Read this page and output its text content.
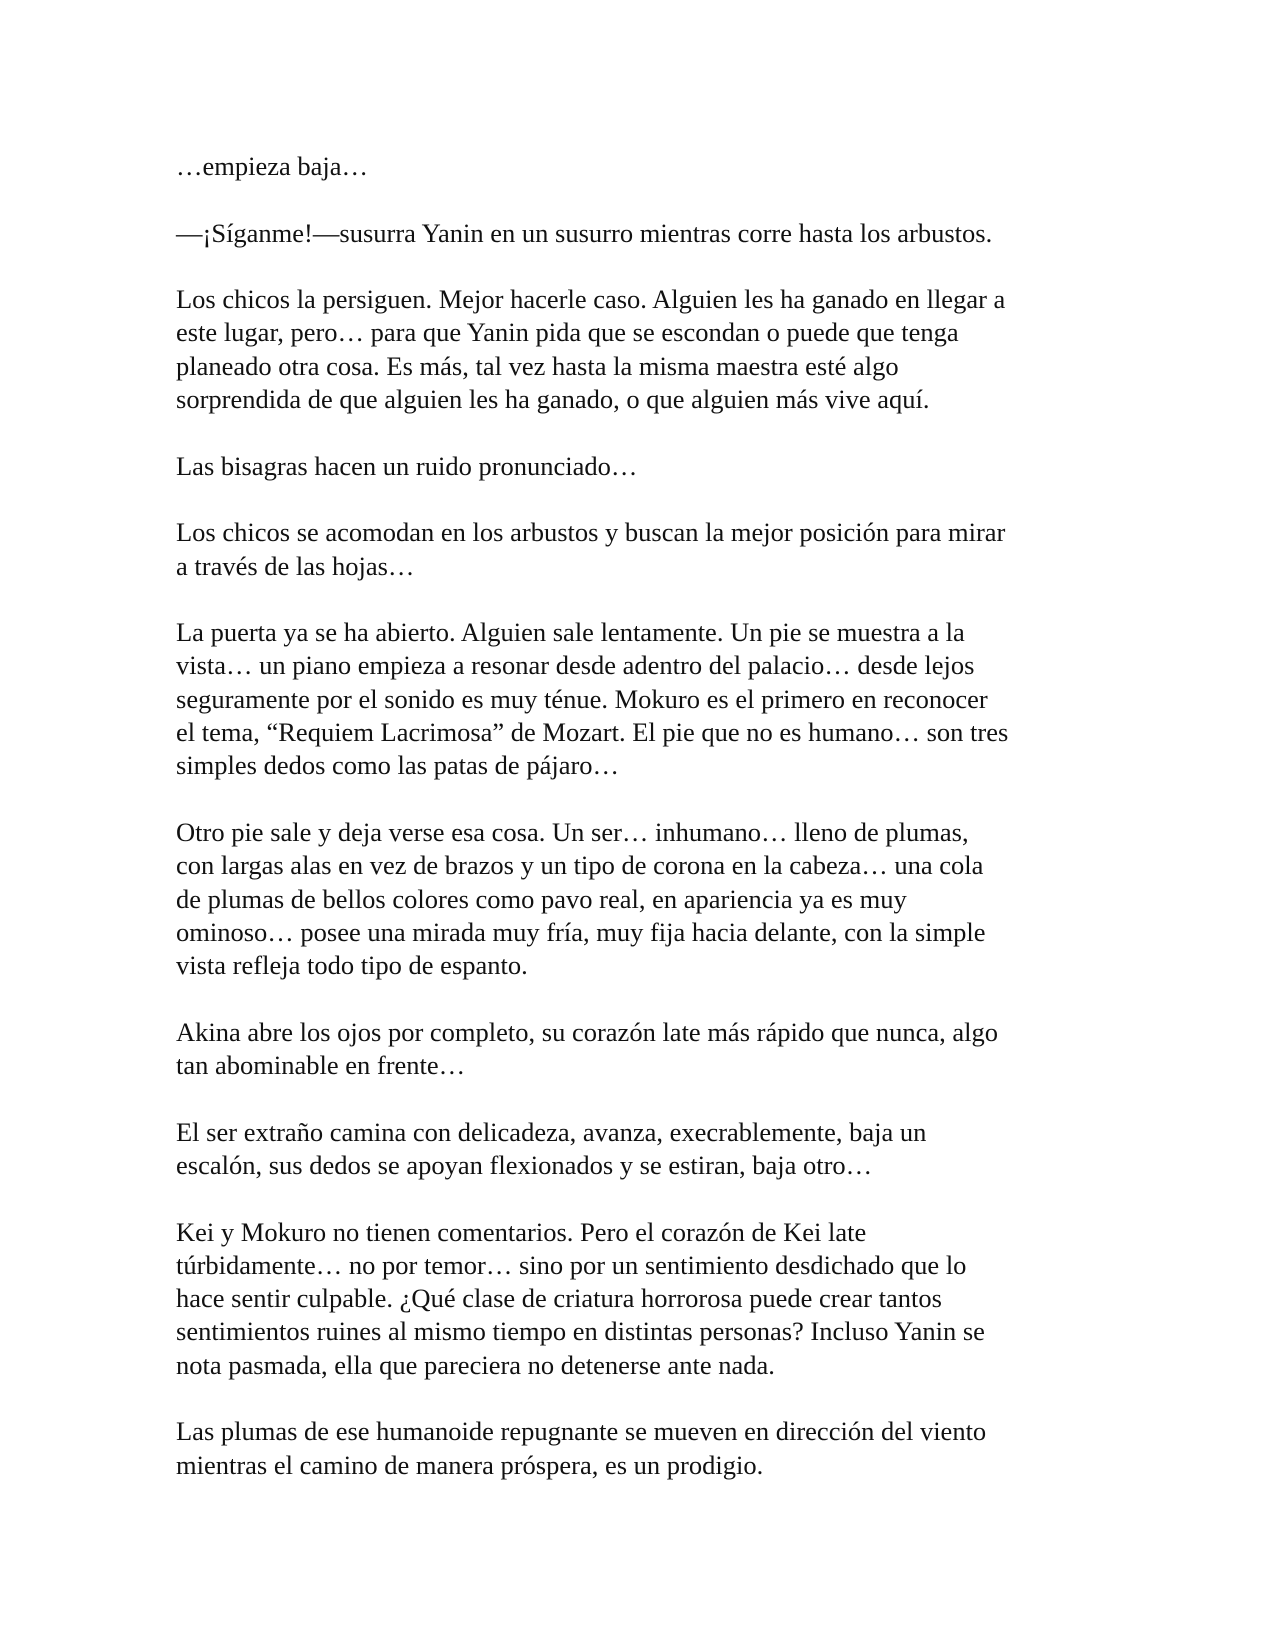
…empieza baja…

—¡Síganme!—susurra Yanin en un susurro mientras corre hasta los arbustos.

Los chicos la persiguen. Mejor hacerle caso. Alguien les ha ganado en llegar a
este lugar, pero… para que Yanin pida que se escondan o puede que tenga
planeado otra cosa. Es más, tal vez hasta la misma maestra esté algo
sorprendida de que alguien les ha ganado, o que alguien más vive aquí.

Las bisagras hacen un ruido pronunciado…

Los chicos se acomodan en los arbustos y buscan la mejor posición para mirar
a través de las hojas…

La puerta ya se ha abierto. Alguien sale lentamente. Un pie se muestra a la
vista… un piano empieza a resonar desde adentro del palacio… desde lejos
seguramente por el sonido es muy ténue. Mokuro es el primero en reconocer
el tema, “Requiem Lacrimosa” de Mozart. El pie que no es humano… son tres
simples dedos como las patas de pájaro…

Otro pie sale y deja verse esa cosa. Un ser… inhumano… lleno de plumas,
con largas alas en vez de brazos y un tipo de corona en la cabeza… una cola
de plumas de bellos colores como pavo real, en apariencia ya es muy
ominoso… posee una mirada muy fría, muy fija hacia delante, con la simple
vista refleja todo tipo de espanto.

Akina abre los ojos por completo, su corazón late más rápido que nunca, algo
tan abominable en frente…

El ser extraño camina con delicadeza, avanza, execrablemente, baja un
escalón, sus dedos se apoyan flexionados y se estiran, baja otro…

Kei y Mokuro no tienen comentarios. Pero el corazón de Kei late
túrbidamente… no por temor… sino por un sentimiento desdichado que lo
hace sentir culpable. ¿Qué clase de criatura horrorosa puede crear tantos
sentimientos ruines al mismo tiempo en distintas personas? Incluso Yanin se
nota pasmada, ella que pareciera no detenerse ante nada.

Las plumas de ese humanoide repugnante se mueven en dirección del viento
mientras el camino de manera próspera, es un prodigio.
